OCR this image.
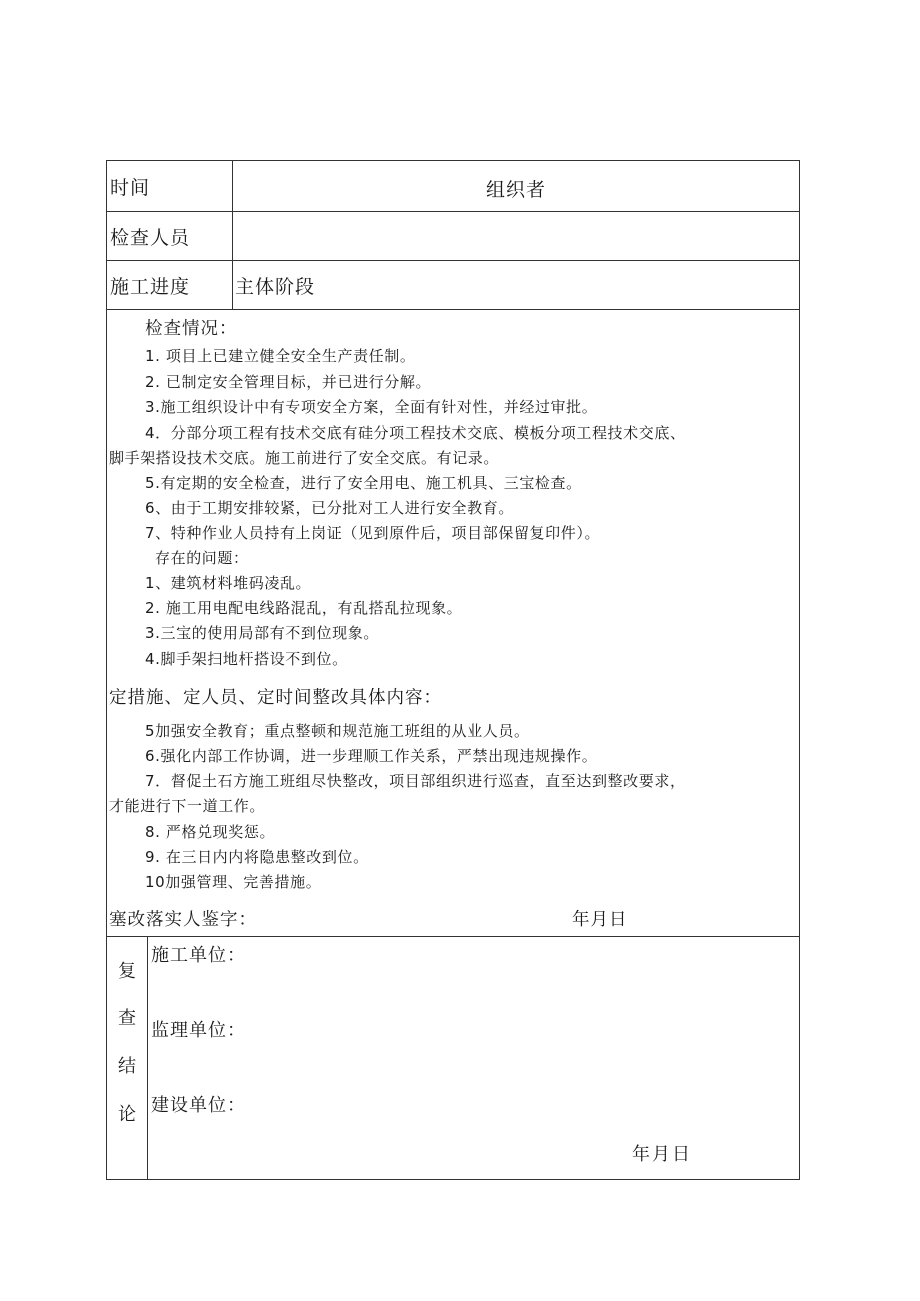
时间	组织者
检查人员
施工进度	主体阶段
检查情况：
1. 项目上已建立健全安全生产责任制。
2. 已制定安全管理目标，并已进行分解。
3.施工组织设计中有专项安全方案，全面有针对性，并经过审批。
4．分部分项工程有技术交底有硅分项工程技术交底、模板分项工程技术交底、
脚手架搭设技术交底。施工前进行了安全交底。有记录。
5.有定期的安全检查，进行了安全用电、施工机具、三宝检查。
6、由于工期安排较紧，已分批对工人进行安全教育。
7、特种作业人员持有上岗证（见到原件后，项目部保留复印件）。
存在的问题：
1、建筑材料堆码凌乱。
2. 施工用电配电线路混乱，有乱搭乱拉现象。
3.三宝的使用局部有不到位现象。
4.脚手架扫地杆搭设不到位。
定措施、定人员、定时间整改具体内容：
5加强安全教育；重点整顿和规范施工班组的从业人员。
6.强化内部工作协调，进一步理顺工作关系，严禁出现违规操作。
7．督促土石方施工班组尽快整改，项目部组织进行巡查，直至达到整改要求，
才能进行下一道工作。
8. 严格兑现奖惩。
9. 在三日内内将隐患整改到位。
10加强管理、完善措施。
塞改落实人鉴字：	年月日
复
查
结
论
施工单位：
监理单位：
建设单位：
年月日
